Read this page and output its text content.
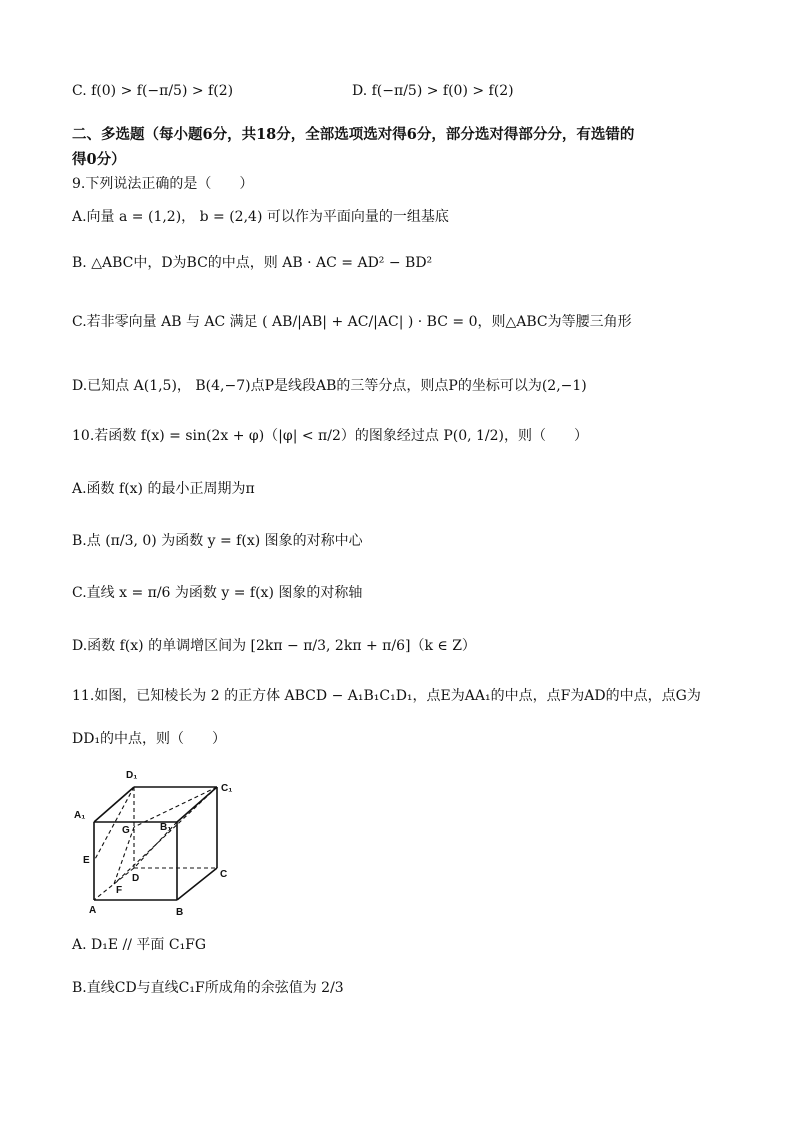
C. f(0) > f(−π/5) > f(2)	D. f(−π/5) > f(0) > f(2)
二、多选题（每小题6分，共18分，全部选项选对得6分，部分选对得部分分，有选错的
得0分）
9.下列说法正确的是（　　）
A.向量 a = (1,2)， b = (2,4) 可以作为平面向量的一组基底
B. △ABC中，D为BC的中点，则 AB · AC = AD² − BD²
C.若非零向量 AB 与 AC 满足 ( AB/|AB| + AC/|AC| ) · BC = 0，则△ABC为等腰三角形
D.已知点 A(1,5)， B(4,−7)点P是线段AB的三等分点，则点P的坐标可以为(2,−1)
10.若函数 f(x) = sin(2x + φ)（|φ| < π/2）的图象经过点 P(0, 1/2)，则（　　）
A.函数 f(x) 的最小正周期为π
B.点 (π/3, 0) 为函数 y = f(x) 图象的对称中心
C.直线 x = π/6 为函数 y = f(x) 图象的对称轴
D.函数 f(x) 的单调增区间为 [2kπ − π/3, 2kπ + π/6]（k ∈ Z）
11.如图，已知棱长为 2 的正方体 ABCD − A₁B₁C₁D₁，点E为AA₁的中点，点F为AD的中点，点G为
DD₁的中点，则（　　）
D₁
C₁
A₁
B₁
G
E
D	C
F
A	B
A. D₁E // 平面 C₁FG
B.直线CD与直线C₁F所成角的余弦值为 2/3
